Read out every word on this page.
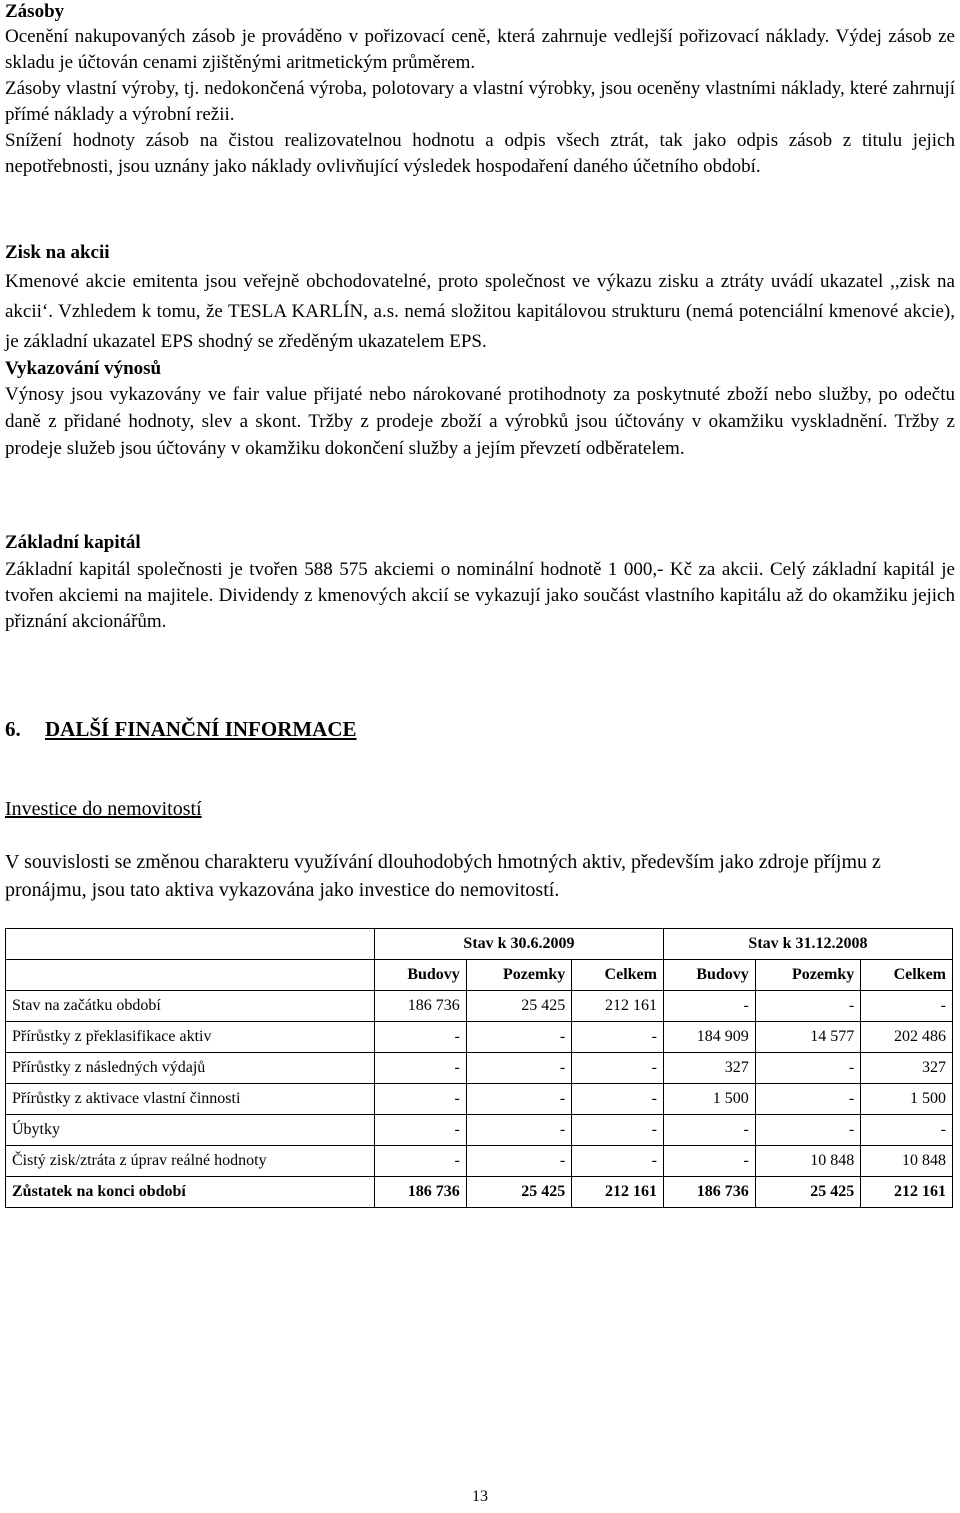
Zásoby

Ocenění nakupovaných zásob je prováděno v pořizovací ceně, která zahrnuje vedlejší pořizovací náklady. Výdej zásob ze skladu je účtován cenami zjištěnými aritmetickým průměrem.

Zásoby vlastní výroby, tj. nedokončená výroba, polotovary a vlastní výrobky, jsou oceněny vlastními náklady, které zahrnují přímé náklady a výrobní režii.

Snížení hodnoty zásob na čistou realizovatelnou hodnotu a odpis všech ztrát, tak jako odpis zásob z titulu jejich nepotřebnosti, jsou uznány jako náklady ovlivňující výsledek hospodaření daného účetního období.

Zisk na akcii

Kmenové akcie emitenta jsou veřejně obchodovatelné, proto společnost ve výkazu zisku a ztráty uvádí ukazatel ,,zisk na akcii‘. Vzhledem k tomu, že TESLA KARLÍN, a.s. nemá složitou kapitálovou strukturu (nemá potenciální kmenové akcie), je základní ukazatel EPS shodný se zředěným ukazatelem EPS.

Vykazování výnosů

Výnosy jsou vykazovány ve fair value přijaté nebo nárokované protihodnoty za poskytnuté zboží nebo služby, po odečtu daně z přidané hodnoty, slev a skont. Tržby z prodeje zboží a výrobků jsou účtovány v okamžiku vyskladnění. Tržby z prodeje služeb jsou účtovány v okamžiku dokončení služby a jejím převzetí odběratelem.

Základní kapitál

Základní kapitál společnosti je tvořen 588 575 akciemi o nominální hodnotě 1 000,- Kč za akcii. Celý základní kapitál je tvořen akciemi na majitele. Dividendy z kmenových akcií se vykazují jako součást vlastního kapitálu až do okamžiku jejich přiznání akcionářům.

6. DALŠÍ FINANČNÍ INFORMACE
Investice do nemovitostí

V souvislosti se změnou charakteru využívání dlouhodobých hmotných aktiv, především jako zdroje příjmu z pronájmu, jsou tato aktiva vykazována jako investice do nemovitostí.

	Stav k 30.6.2009			Stav k 31.12.2008		
	Budovy	Pozemky	Celkem	Budovy	Pozemky	Celkem
Stav na začátku období	186 736	25 425	212 161	-	-	-
Přírůstky z překlasifikace aktiv	-	-	-	184 909	14 577	202 486
Přírůstky z následných výdajů	-	-	-	327	-	327
Přírůstky z aktivace vlastní činnosti	-	-	-	1 500	-	1 500
Úbytky	-	-	-	-	-	-
Čistý zisk/ztráta z úprav reálné hodnoty	-	-	-	-	10 848	10 848
Zůstatek na konci období	186 736	25 425	212 161	186 736	25 425	212 161
13
